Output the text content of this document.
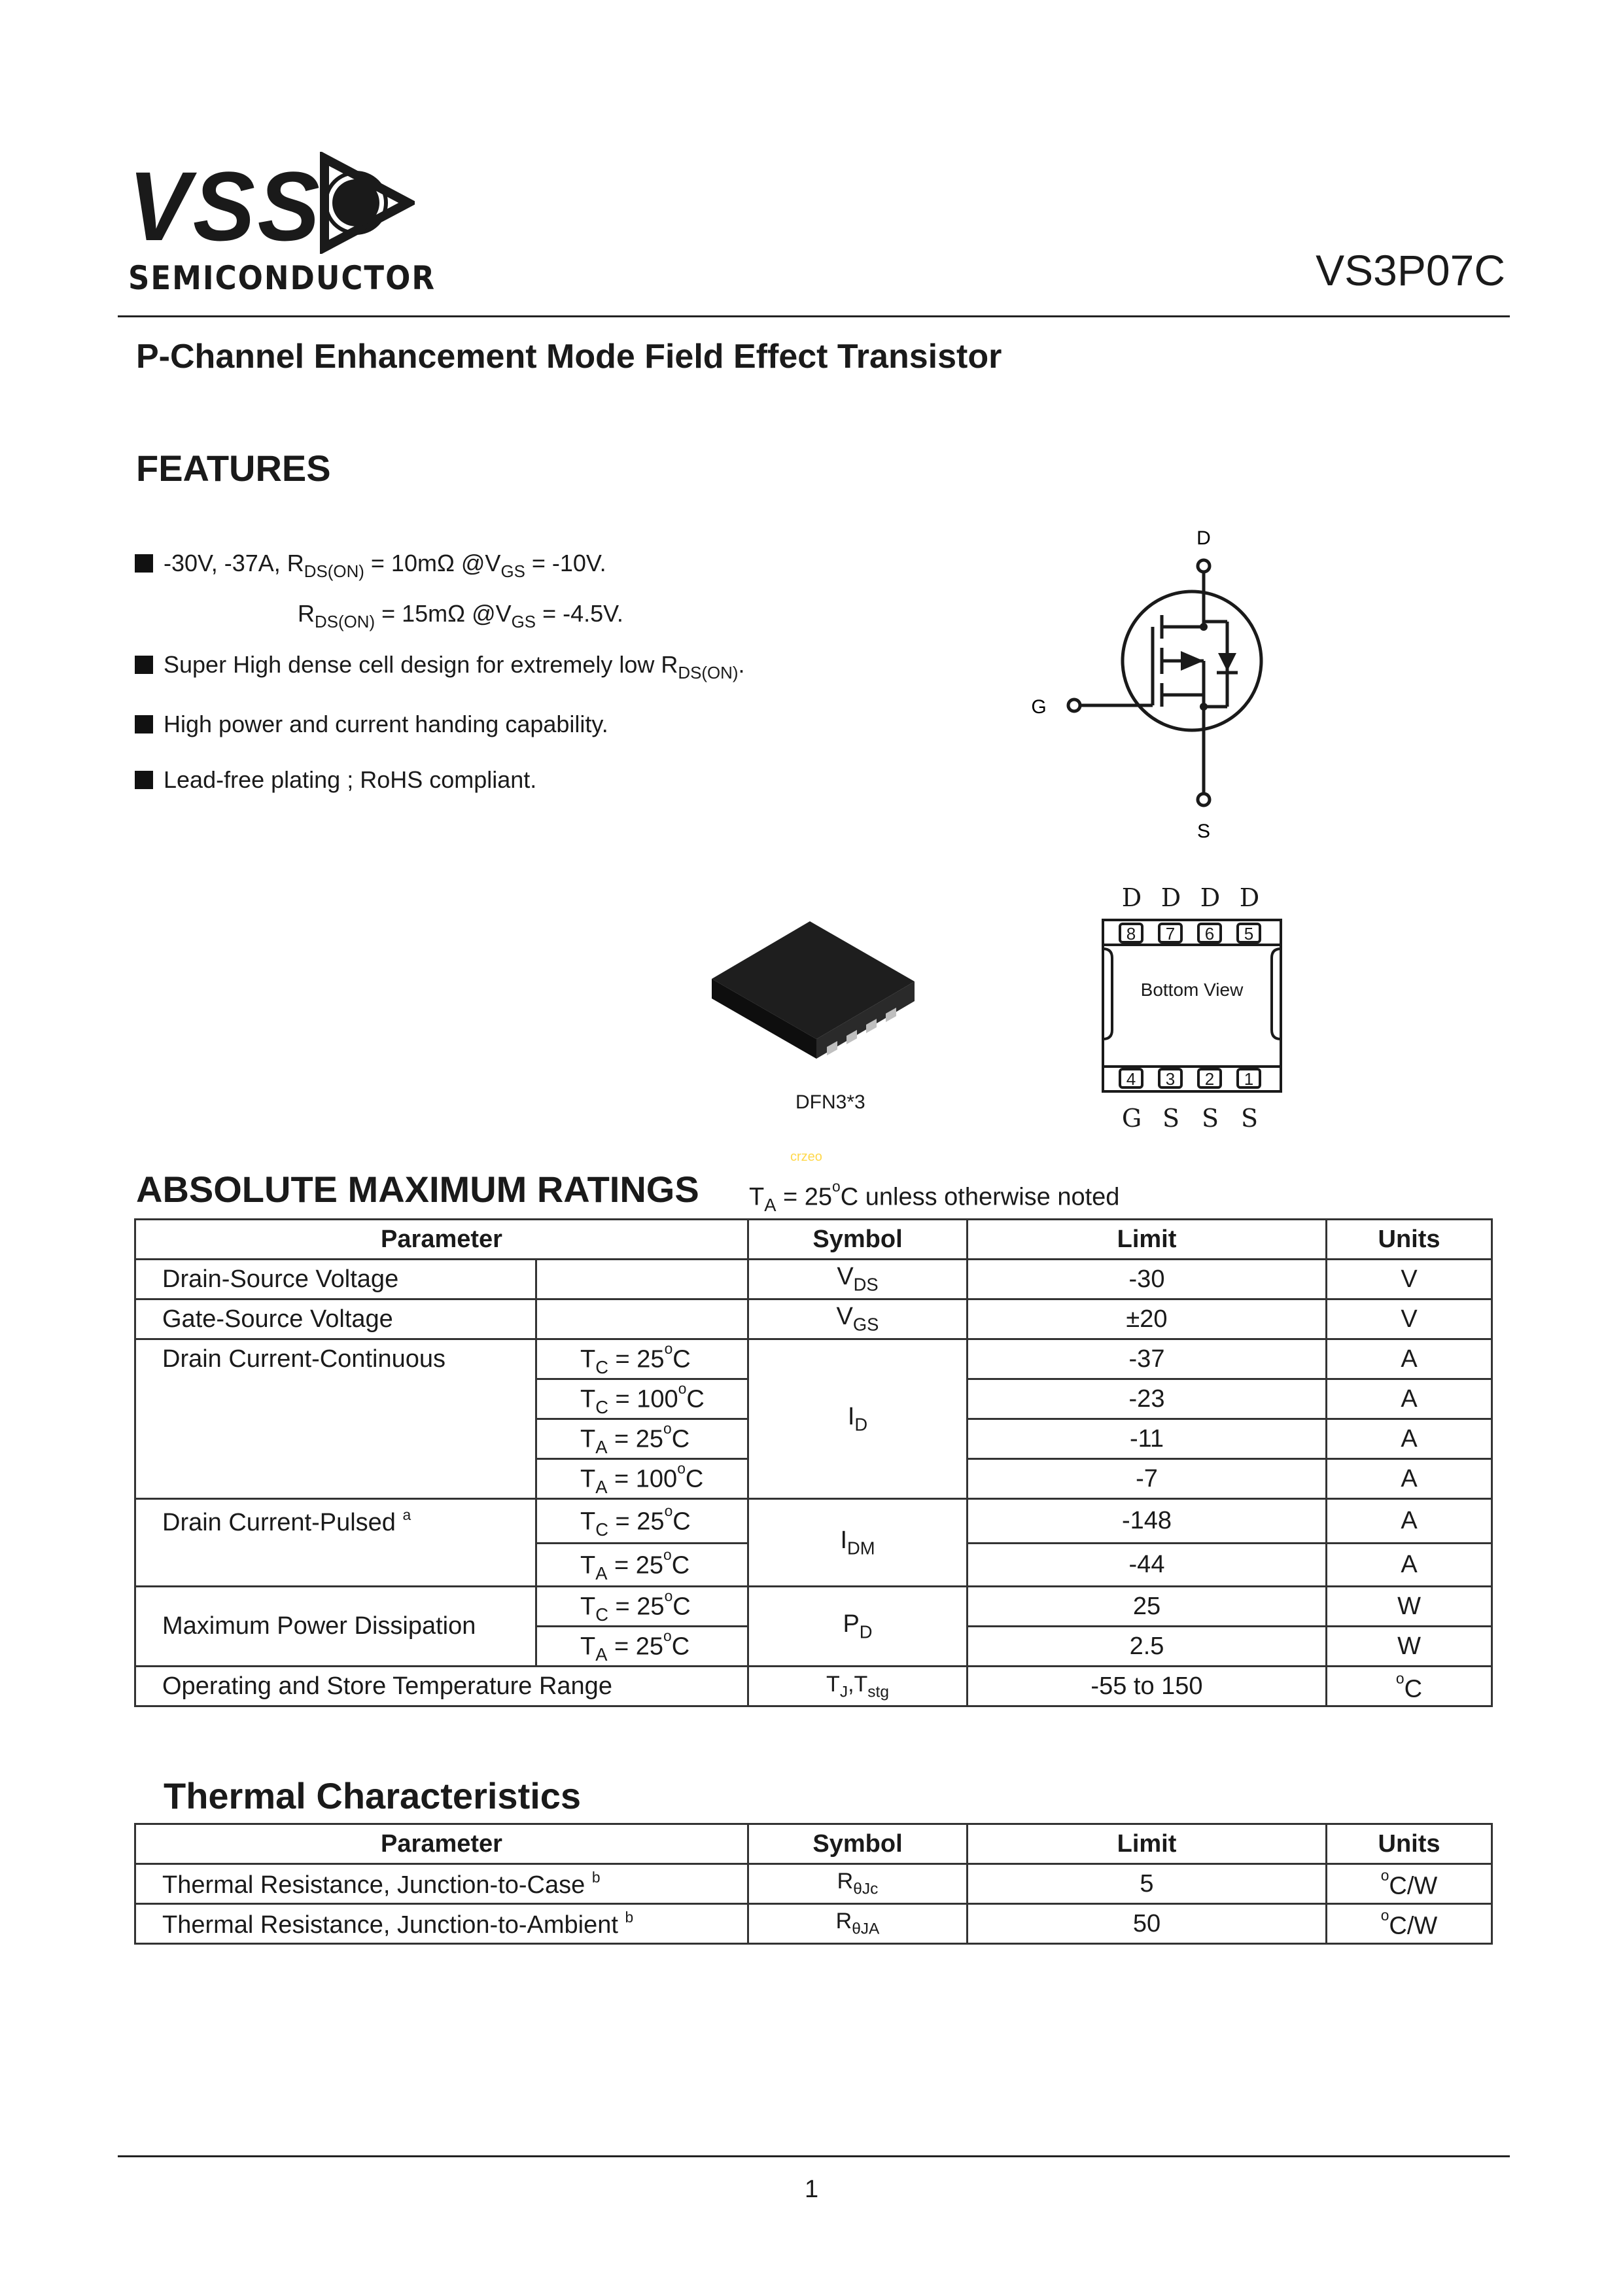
VSS
SEMICONDUCTOR	VS3P07C
P-Channel Enhancement Mode Field Effect Transistor
FEATURES
-30V, -37A, $R_{DS(ON)} = 10m\Omega$ $@V_{GS} = -10V$.
$R_{DS(ON)} = 15m\Omega$ $@V_{GS} = -4.5V$.
Super High dense cell design for extremely low $R_{DS(ON)}$.
High power and current handing capability.
Lead-free plating ; RoHS compliant.
D
G
S
DFN3*3
D D D D
G S S S
8 7 6 5
4 3 2 1
Bottom View
crzeo
ABSOLUTE MAXIMUM RATINGS $T_A = 25^oC$ unless otherwise noted
Parameter		Symbol	Limit	Units
Drain-Source Voltage		$V_{DS}$	-30	V
Gate-Source Voltage		$V_{GS}$	±20	V
Drain Current-Continuous	$T_C = 25^oC$	$I_D$	-37	A
	$T_C = 100^oC$		-23	A
	$T_A = 25^oC$		-11	A
	$T_A = 100^oC$		-7	A
Drain Current-Pulsed $^a$	$T_C = 25^oC$	$I_{DM}$	-148	A
	$T_A = 25^oC$		-44	A
Maximum Power Dissipation	$T_C = 25^oC$	$P_D$	25	W
	$T_A = 25^oC$		2.5	W
Operating and Store Temperature Range		$T_J,T_{stg}$	-55 to 150	$^o$C
Thermal Characteristics
Parameter	Symbol	Limit	Units
Thermal Resistance, Junction-to-Case $^b$	$R_{\theta Jc}$	5	$^o$C/W
Thermal Resistance, Junction-to-Ambient $^b$	$R_{\theta JA}$	50	$^o$C/W
1
